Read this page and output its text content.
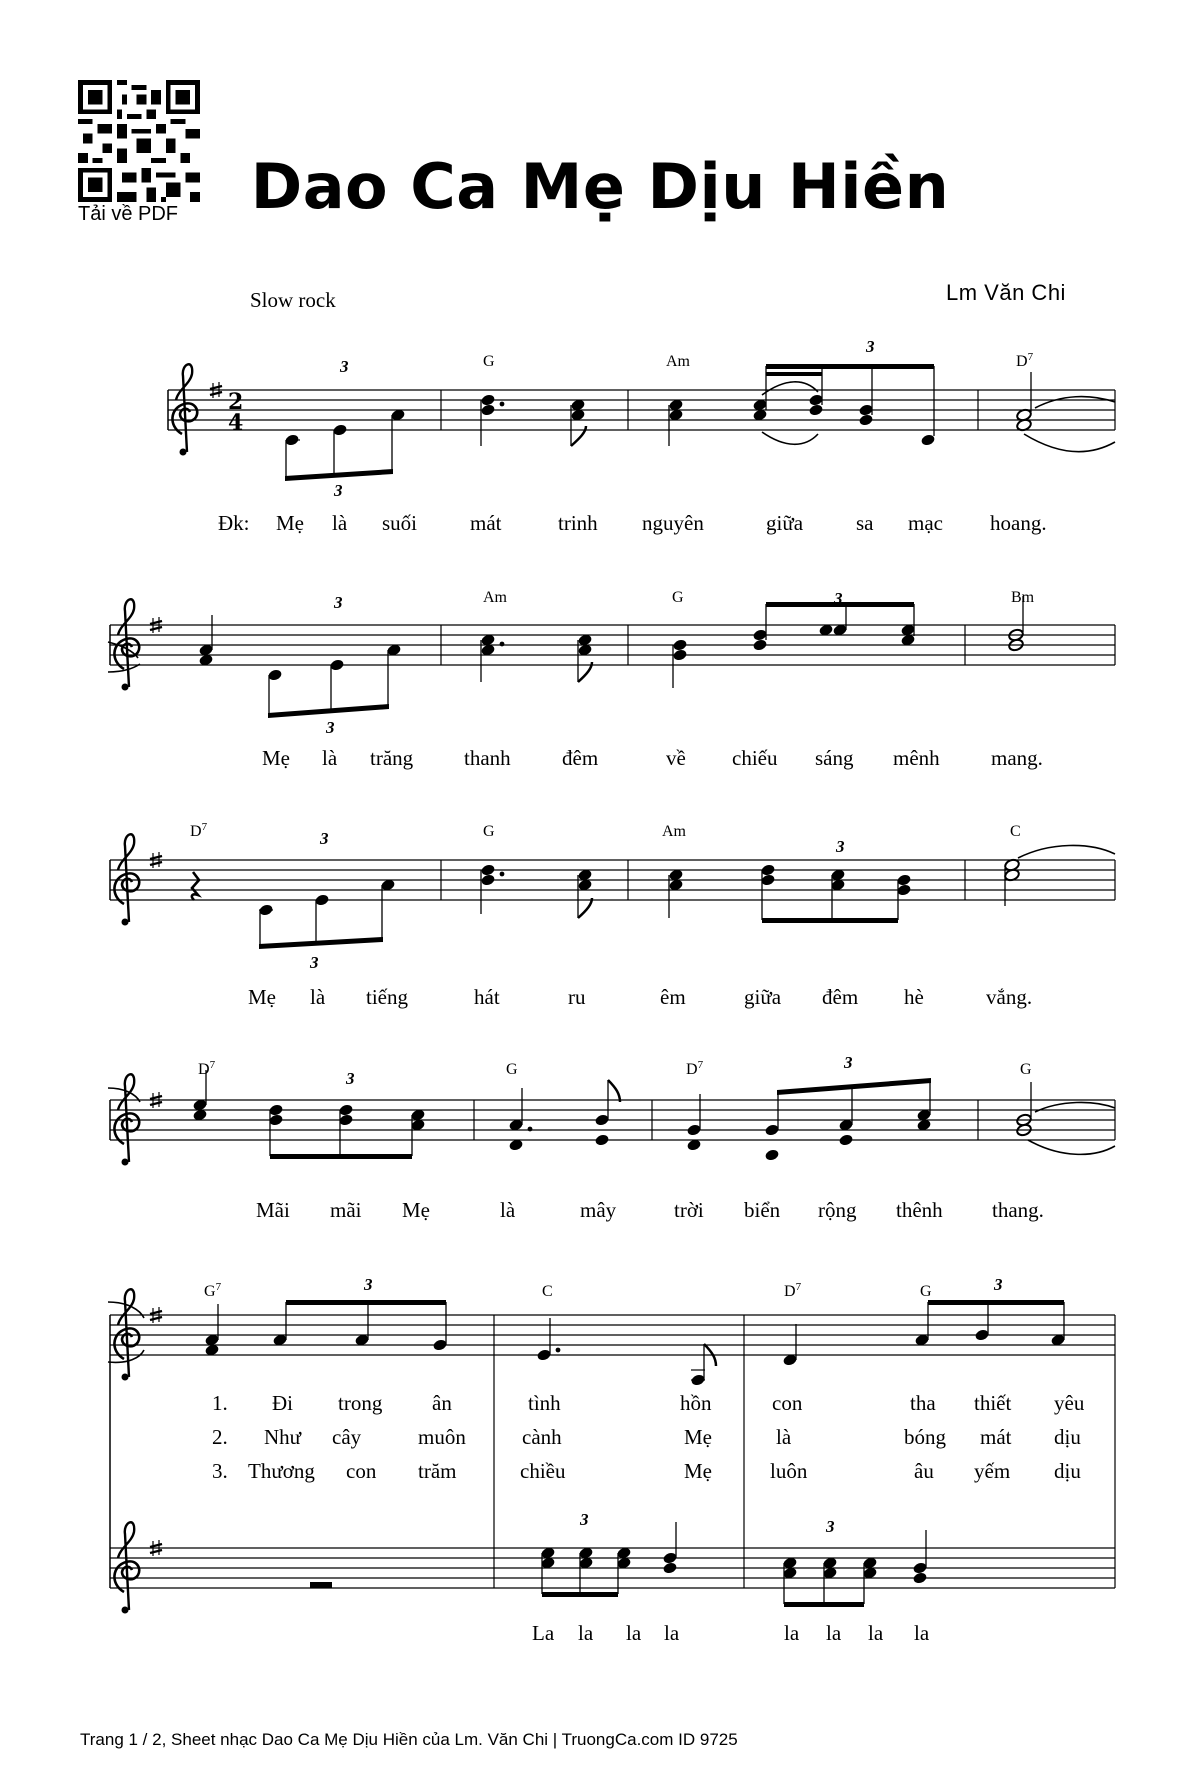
Tải về PDF	Dao Ca Mẹ Dịu Hiền
Slow rock	Lm Văn Chi
2
4
3
3
3
G	Am	$D^7$
Đk: Mẹ là suối	mát	trinh nguyên	giữa	sa mạc hoang.
3
3
3
Am	G	Bm
Mẹ là trăng thanh đêm	về chiếu sáng mênh mang.
3
3
3
$D^7$	G	Am	C
Mẹ là tiếng	hát	ru	êm	giữa đêm hè	vắng.
3
3
$D^7$	G	$D^7$	G
Mãi mãi Mẹ	là	mây	trời biển rộng thênh thang.
3	3
3	3
$G^7$	C	$D^7$	G
1. Đi trong ân	tình	hồn	con	tha thiết yêu
2. Như cây	muôn	cành	Mẹ	là	bóng mát dịu
3. Thương con trăm	chiều	Mẹ	luôn	âu yếm dịu
La la la la	la la la la
Trang 1 / 2, Sheet nhạc Dao Ca Mẹ Dịu Hiền của Lm. Văn Chi | TruongCa.com ID 9725
